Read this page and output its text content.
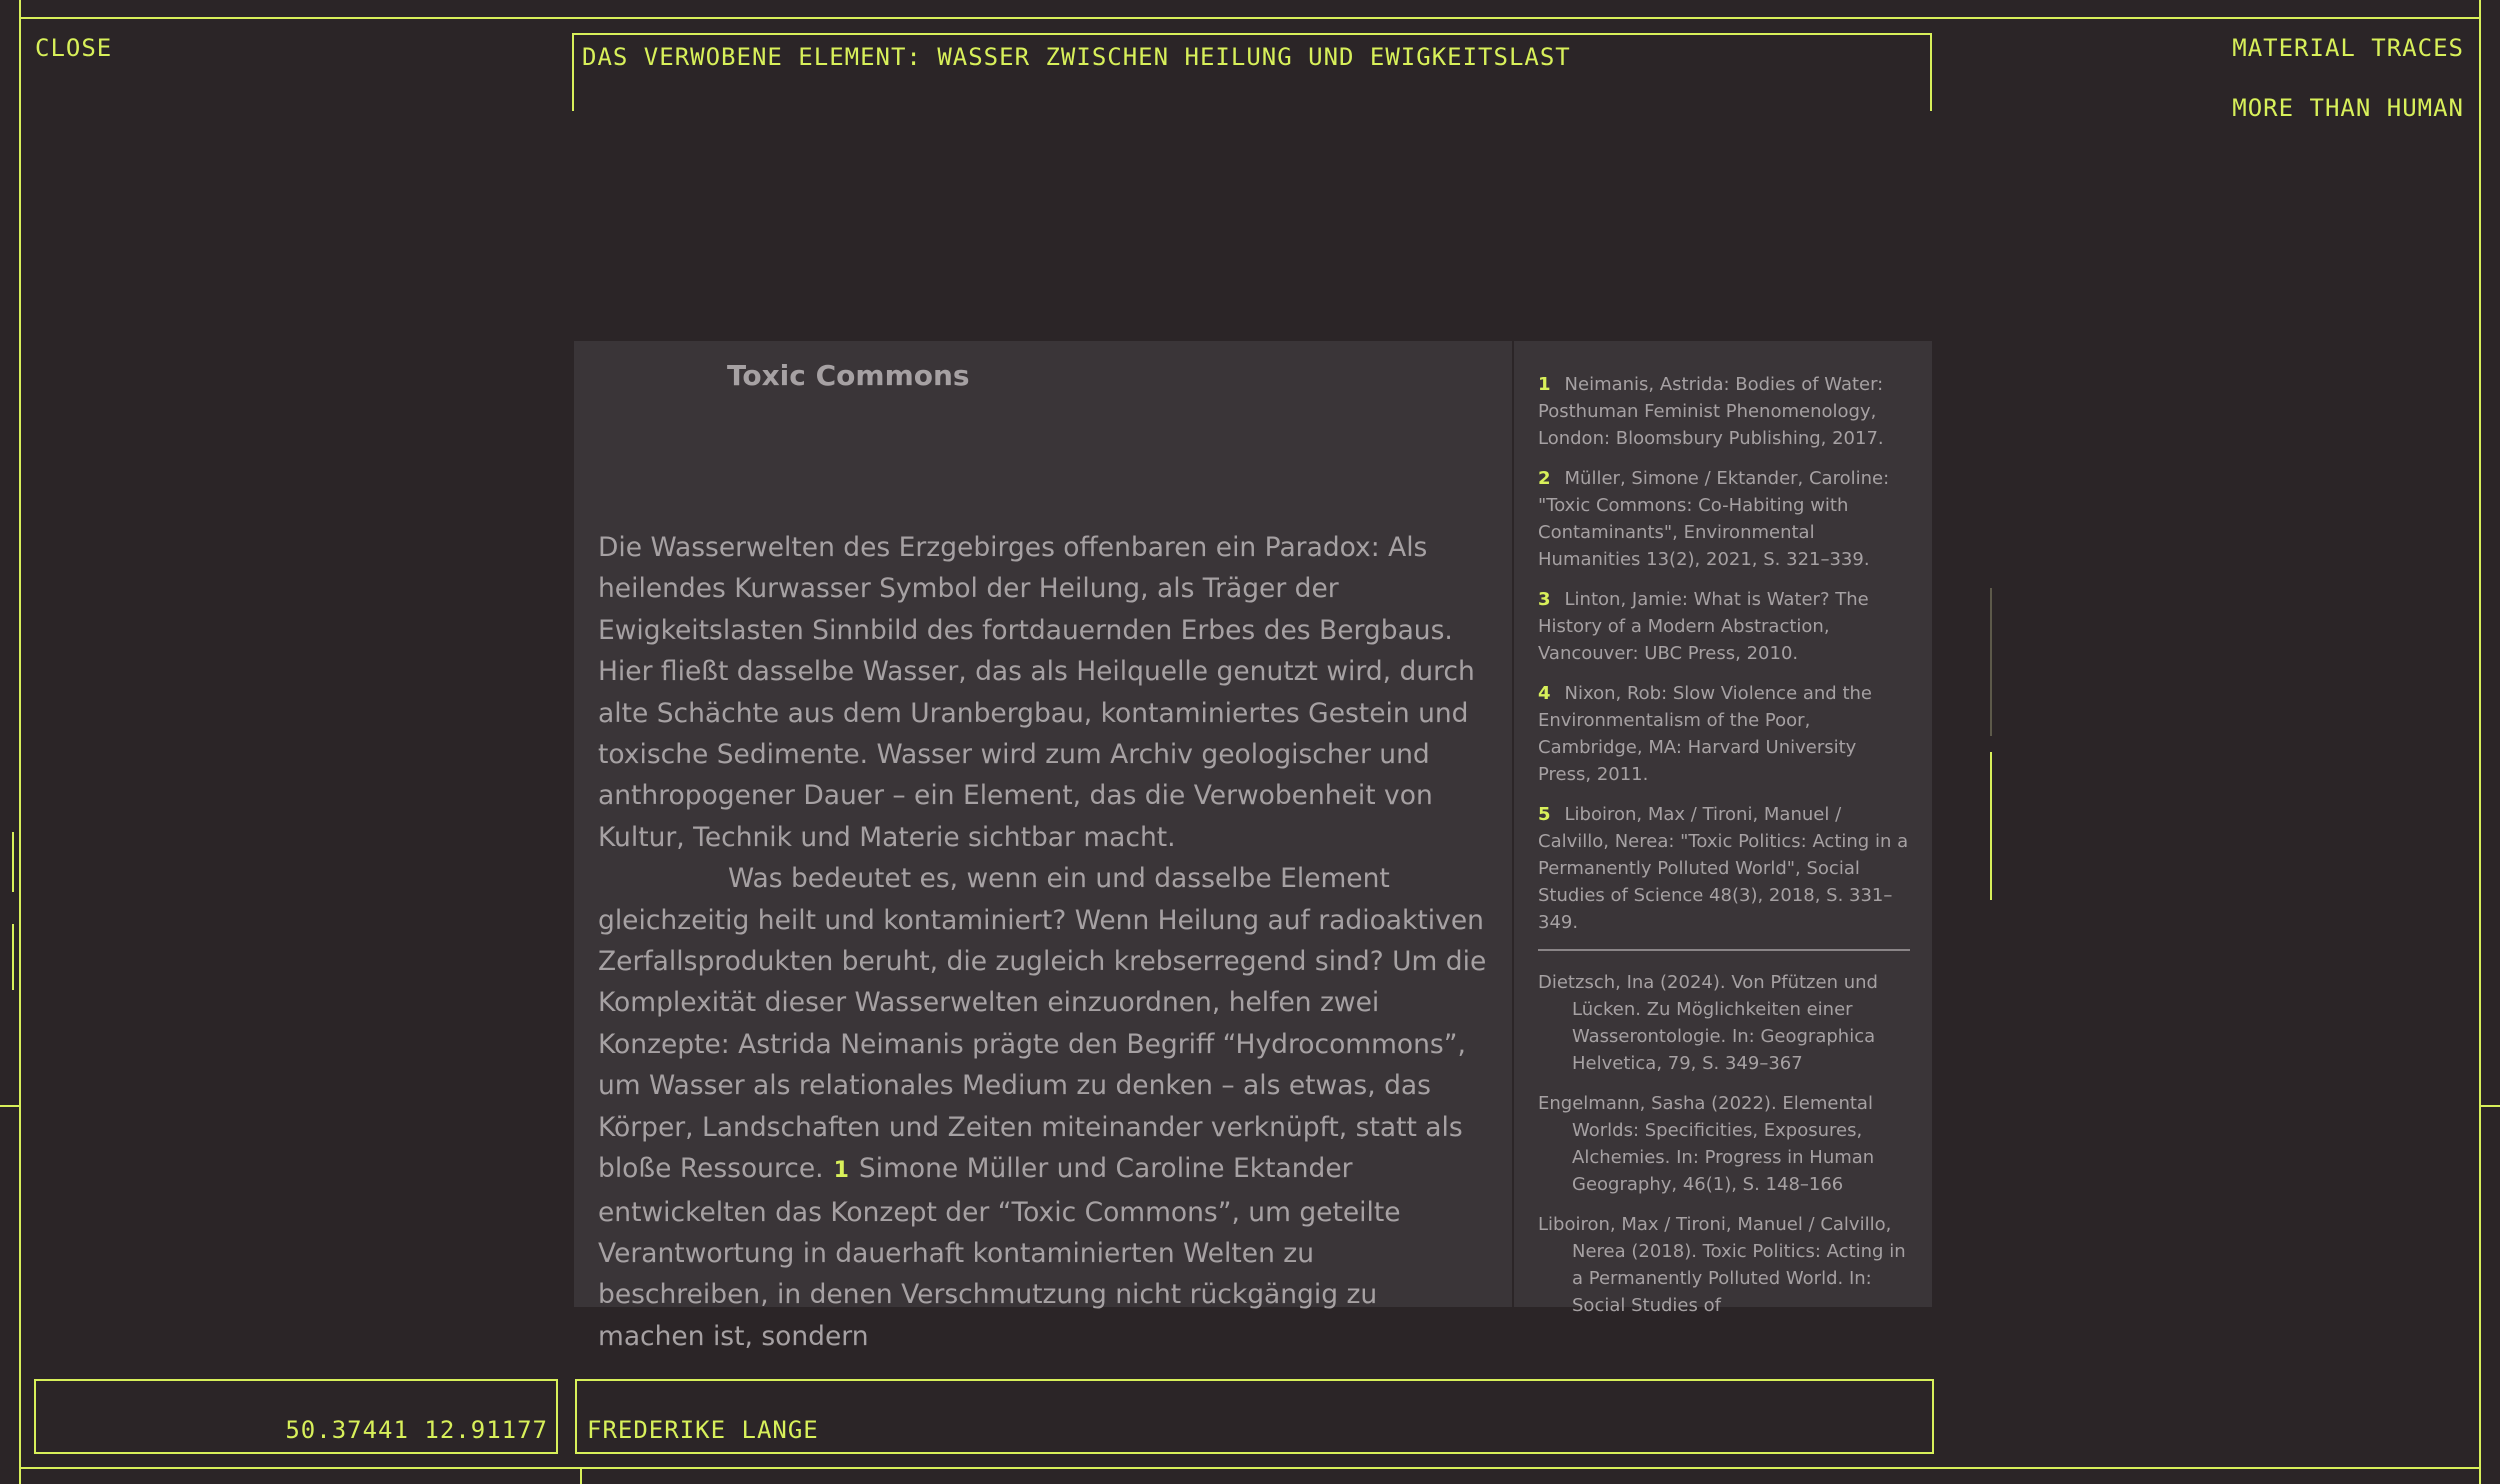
CLOSE	MATERIAL TRACES
MORE THAN HUMAN
DAS VERWOBENE ELEMENT: WASSER ZWISCHEN HEILUNG UND EWIGKEITSLAST
Toxic Commons

Die Wasserwelten des Erzgebirges offenbaren ein Paradox: Als heilendes Kurwasser Symbol der Heilung, als Träger der Ewigkeitslasten Sinnbild des fortdauernden Erbes des Bergbaus. Hier fließt dasselbe Wasser, das als Heilquelle genutzt wird, durch alte Schächte aus dem Uranbergbau, kontaminiertes Gestein und toxische Sedimente. Wasser wird zum Archiv geologischer und anthropogener Dauer – ein Element, das die Verwobenheit von Kultur, Technik und Materie sichtbar macht.

Was bedeutet es, wenn ein und dasselbe Element gleichzeitig heilt und kontaminiert? Wenn Heilung auf radioaktiven Zerfallsprodukten beruht, die zugleich krebserregend sind? Um die Komplexität dieser Wasserwelten einzuordnen, helfen zwei Konzepte: Astrida Neimanis prägte den Begriff “Hydrocommons”, um Wasser als relationales Medium zu denken – als etwas, das Körper, Landschaften und Zeiten miteinander verknüpft, statt als bloße Ressource. 1 Simone Müller und Caroline Ektander entwickelten das Konzept der “Toxic Commons”, um geteilte Verantwortung in dauerhaft kontaminierten Welten zu beschreiben, in denen Verschmutzung nicht rückgängig zu machen ist, sondern

1 Neimanis, Astrida: Bodies of Water: Posthuman Feminist Phenomenology, London: Bloomsbury Publishing, 2017.
2 Müller, Simone / Ektander, Caroline: "Toxic Commons: Co-Habiting with Contaminants", Environmental Humanities 13(2), 2021, S. 321–339.
3 Linton, Jamie: What is Water? The History of a Modern Abstraction, Vancouver: UBC Press, 2010.
4 Nixon, Rob: Slow Violence and the Environmentalism of the Poor, Cambridge, MA: Harvard University Press, 2011.
5 Liboiron, Max / Tironi, Manuel / Calvillo, Nerea: "Toxic Politics: Acting in a Permanently Polluted World", Social Studies of Science 48(3), 2018, S. 331–349.
Dietzsch, Ina (2024). Von Pfützen und Lücken. Zu Möglichkeiten einer Wasserontologie. In: Geographica Helvetica, 79, S. 349–367
Engelmann, Sasha (2022). Elemental Worlds: Specificities, Exposures, Alchemies. In: Progress in Human Geography, 46(1), S. 148–166
Liboiron, Max / Tironi, Manuel / Calvillo, Nerea (2018). Toxic Politics: Acting in a Permanently Polluted World. In: Social Studies of
50.37441 12.91177 FREDERIKE LANGE
